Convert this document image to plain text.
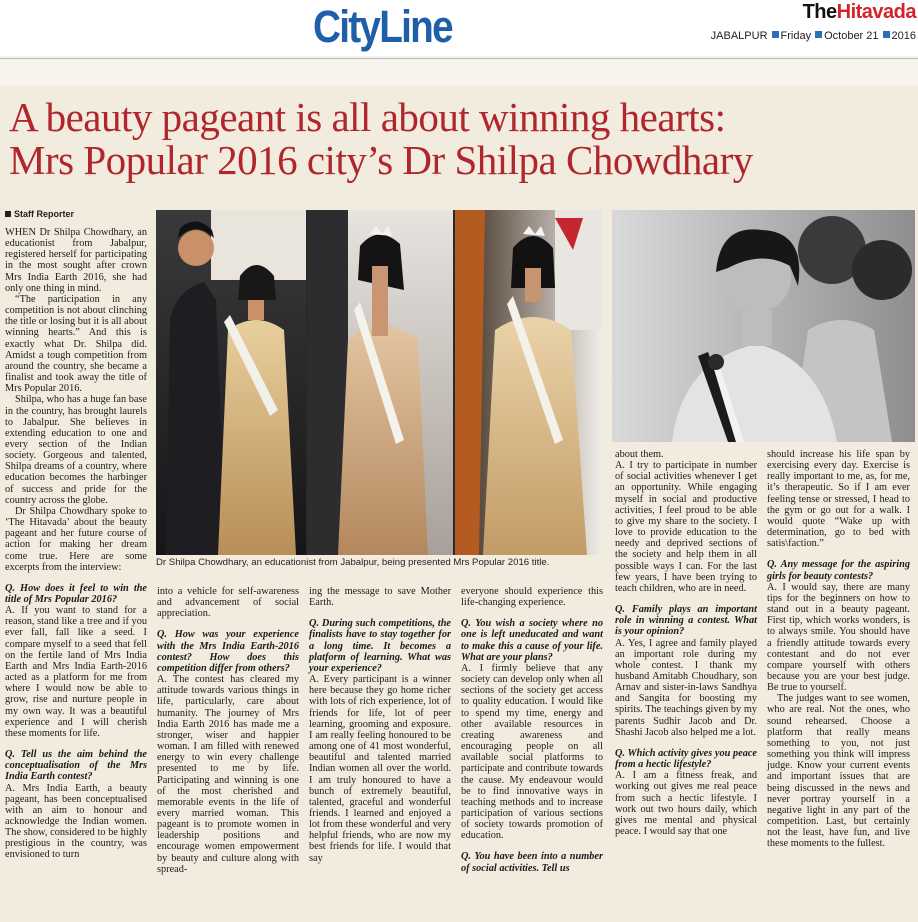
CityLine	TheHitavada
JABALPUR Friday October 21 2016
A beauty pageant is all about winning hearts:
Mrs Popular 2016 city’s Dr Shilpa Chowdhary
Staff Reporter

WHEN Dr Shilpa Chowdhary, an educationist from Jabalpur, registered herself for participating in the most sought after crown Mrs India Earth 2016, she had only one thing in mind.

“The participation in any competition is not about clinching the title or losing but it is all about winning hearts.” And this is exactly what Dr. Shilpa did. Amidst a tough competition from around the country, she became a finalist and took away the title of Mrs Popular 2016.

Shilpa, who has a huge fan base in the country, has brought laurels to Jabalpur. She believes in extending education to one and every section of the Indian society. Gorgeous and talented, Shilpa dreams of a country, where education becomes the harbinger of success and pride for the country across the globe.

Dr Shilpa Chowdhary spoke to ‘The Hitavada’ about the beauty pageant and her future course of action for making her dream come true. Here are some excerpts from the interview:

Q. How does it feel to win the title of Mrs Popular 2016?

A. If you want to stand for a reason, stand like a tree and if you ever fall, fall like a seed. I compare myself to a seed that fell on the fertile land of Mrs India Earth and Mrs India Earth-2016 acted as a platform for me from where I would now be able to grow, rise and nurture people in my own way. It was a beautiful experience and I will cherish these moments for life.

Q. Tell us the aim behind the conceptualisation of the Mrs India Earth contest?

A. Mrs India Earth, a beauty pageant, has been conceptualised with an aim to honour and acknowledge the Indian women. The show, considered to be highly prestigious in the country, was envisioned to turn

Dr Shilpa Chowdhary, an educationist from Jabalpur, being presented Mrs Popular 2016 title.

into a vehicle for self-awareness and advancement of social appreciation.

Q. How was your experience with the Mrs India Earth-2016 contest? How does this competition differ from others?

A. The contest has cleared my attitude towards various things in life, particularly, care about humanity. The journey of Mrs India Earth 2016 has made me a stronger, wiser and happier woman. I am filled with renewed energy to win every challenge presented to me by life. Participating and winning is one of the most cherished and memorable events in the life of every married woman. This pageant is to promote women in leadership positions and encourage women empowerment by beauty and culture along with spread-

ing the message to save Mother Earth.

Q. During such competitions, the finalists have to stay together for a long time. It becomes a platform of learning. What was your experience?

A. Every participant is a winner here because they go home richer with lots of rich experience, lot of friends for life, lot of peer learning, grooming and exposure. I am really feeling honoured to be among one of 41 most wonderful, beautiful and talented married Indian women all over the world. I am truly honoured to have a bunch of extremely beautiful, talented, graceful and wonderful friends. I learned and enjoyed a lot from these wonderful and very helpful friends, who are now my best friends for life. I would that say

everyone should experience this life-changing experience.

Q. You wish a society where no one is left uneducated and want to make this a cause of your life. What are your plans?

A. I firmly believe that any society can develop only when all sections of the society get access to quality education. I would like to spend my time, energy and other available resources in creating awareness and encouraging people on all available social platforms to participate and contribute towards the cause. My endeavour would be to find innovative ways in teaching methods and to increase participation of various sections of society towards promotion of education.

Q. You have been into a number of social activities. Tell us

about them.

A. I try to participate in number of social activities whenever I get an opportunity. While engaging myself in social and productive activities, I feel proud to be able to give my share to the society. I love to provide education to the needy and deprived sections of the society and help them in all possible ways I can. For the last few years, I have been trying to teach children, who are in need.

Q. Family plays an important role in winning a contest. What is your opinion?

A. Yes, I agree and family played an important role during my whole contest. I thank my husband Amitabh Choudhary, son Arnav and sister-in-laws Sandhya and Sangita for boosting my spirits. The teachings given by my parents Sudhir Jacob and Dr. Shashi Jacob also helped me a lot.

Q. Which activity gives you peace from a hectic lifestyle?

A. I am a fitness freak, and working out gives me real peace from such a hectic lifestyle. I work out two hours daily, which gives me mental and physical peace. I would say that one

should increase his life span by exercising every day. Exercise is really important to me, as, for me, it’s therapeutic. So if I am ever feeling tense or stressed, I head to the gym or go out for a walk. I would quote “Wake up with determination, go to bed with satis\faction.”

Q. Any message for the aspiring girls for beauty contests?

A. I would say, there are many tips for the beginners on how to stand out in a beauty pageant. First tip, which works wonders, is to always smile. You should have a friendly attitude towards every contestant and do not ever compare yourself with others because you are your best judge. Be true to yourself.

The judges want to see women, who are real. Not the ones, who sound rehearsed. Choose a platform that really means something to you, not just something you think will impress judge. Know your current events and important issues that are being discussed in the news and never portray yourself in a negative light in any part of the competition. Last, but certainly not the least, have fun, and live these moments to the fullest.
